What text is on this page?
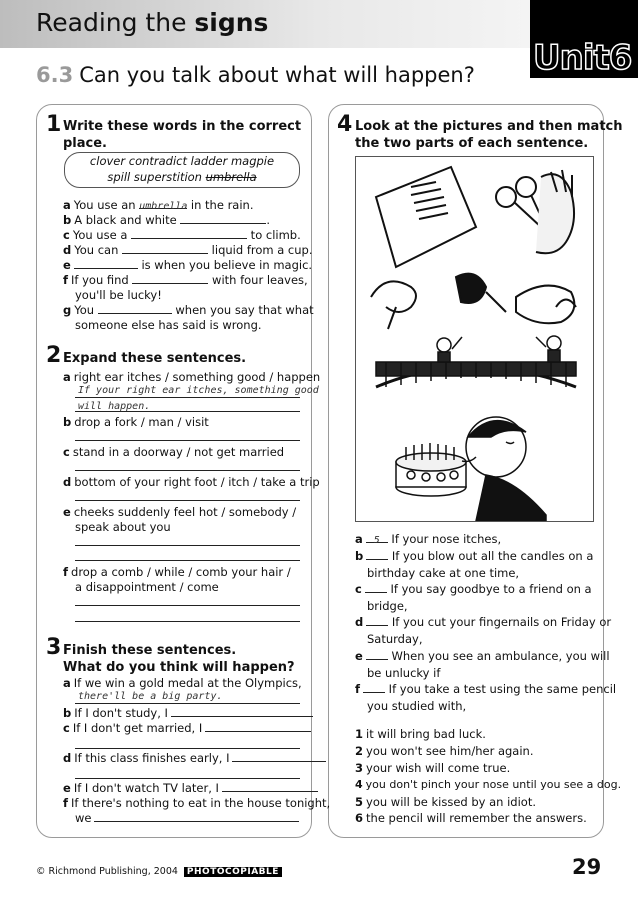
Reading the signs
Unit6
6.3 Can you talk about what will happen?
1 Write these words in the correct
place.
clover contradict ladder magpie
spill superstition umbrella
a You use an umbrella in the rain.
b A black and white	.
c You use a	to climb.
d You can	liquid from a cup.
e	is when you believe in magic.
f If you find	with four leaves,
you'll be lucky!
g You	when you say that what
someone else has said is wrong.
2 Expand these sentences.
a right ear itches / something good / happen
If your right ear itches, something good
will happen.
b drop a fork / man / visit
c stand in a doorway / not get married
d bottom of your right foot / itch / take a trip
e cheeks suddenly feel hot / somebody /
speak about you
f drop a comb / while / comb your hair /
a disappointment / come
3 Finish these sentences.
What do you think will happen?
a If we win a gold medal at the Olympics,
there'll be a big party.
b If I don't study, I
c If I don't get married, I
d If this class finishes early, I
e If I don't watch TV later, I
f If there's nothing to eat in the house tonight,
we
4 Look at the pictures and then match
the two parts of each sentence.
a 5 If your nose itches,
b If you blow out all the candles on a
birthday cake at one time,
c If you say goodbye to a friend on a
bridge,
d If you cut your fingernails on Friday or
Saturday,
e When you see an ambulance, you will
be unlucky if
f If you take a test using the same pencil
you studied with,
1 it will bring bad luck.
2 you won't see him/her again.
3 your wish will come true.
4 you don't pinch your nose until you see a dog.
5 you will be kissed by an idiot.
6 the pencil will remember the answers.
© Richmond Publishing, 2004 PHOTOCOPIABLE	29
